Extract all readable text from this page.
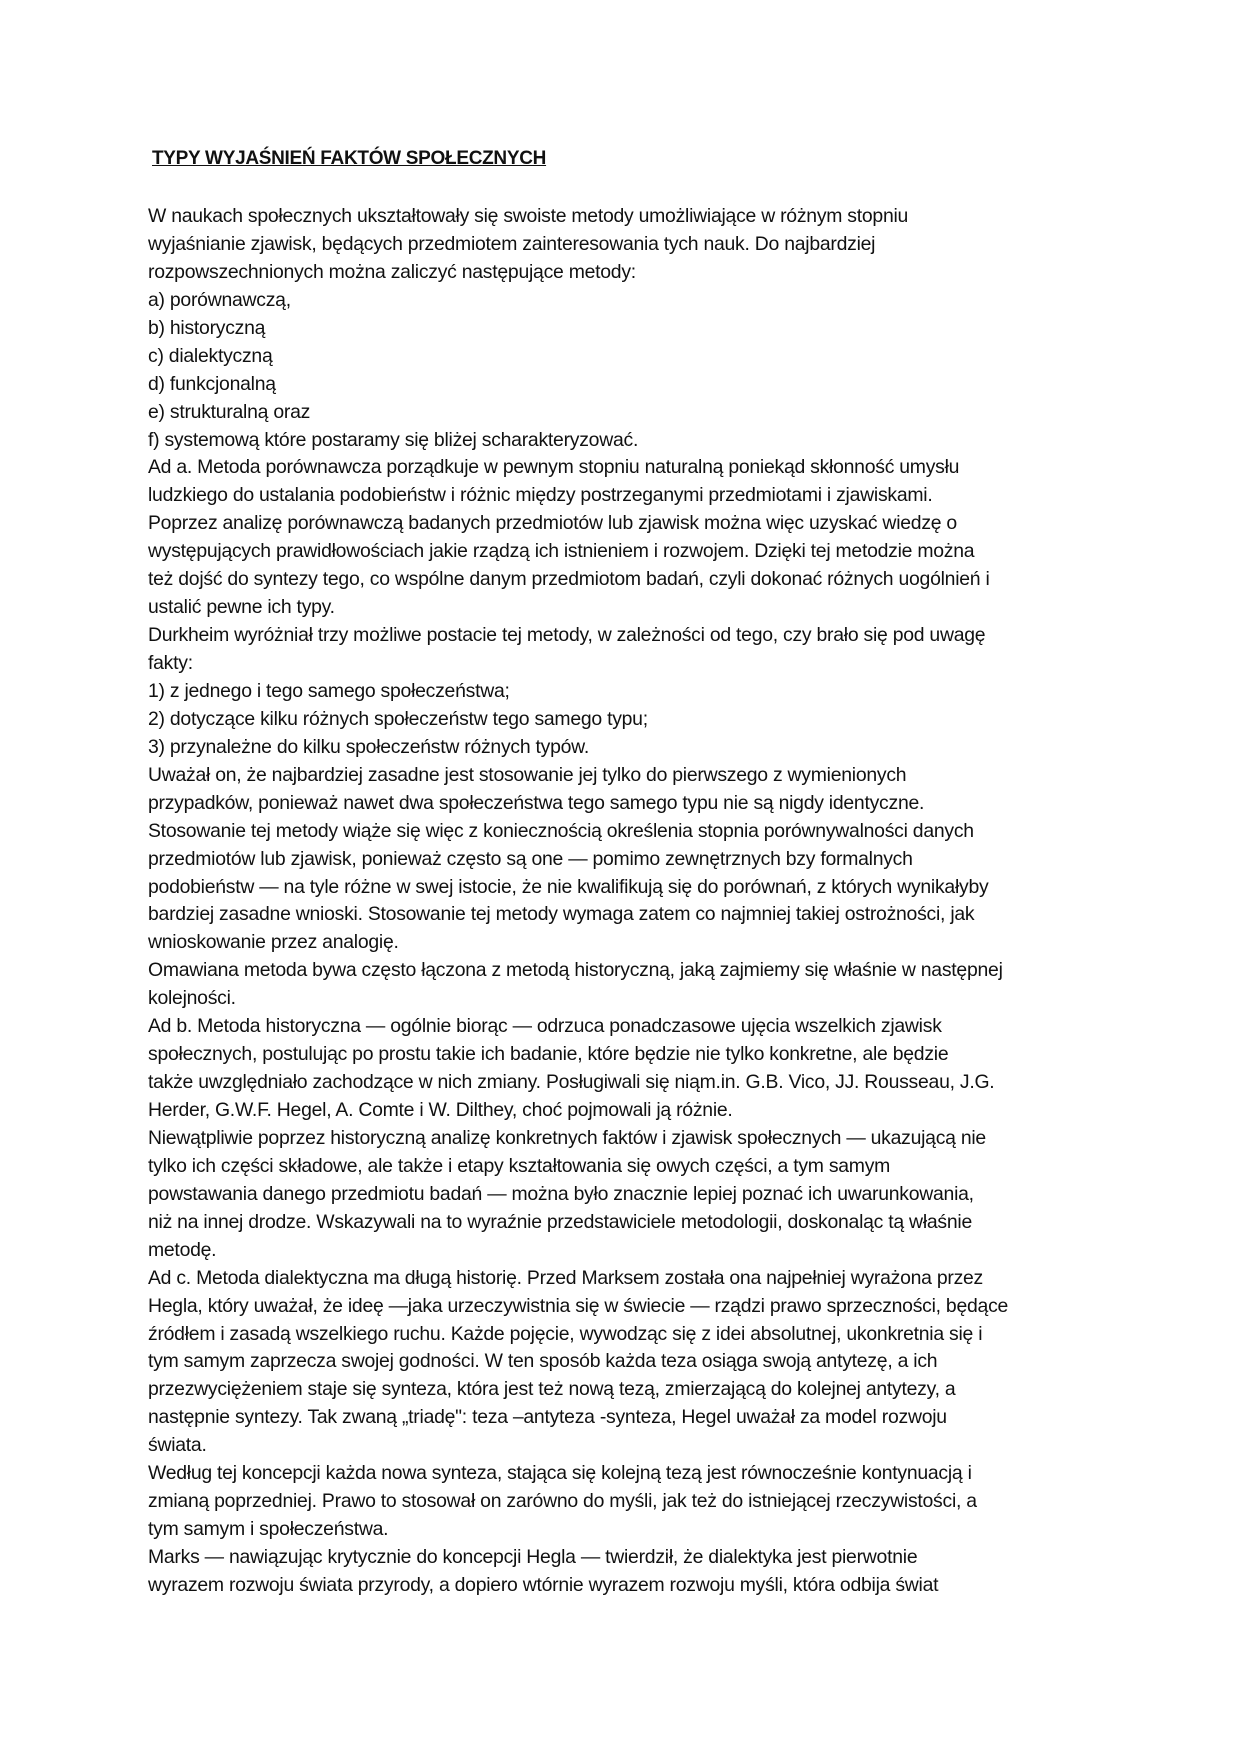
TYPY WYJAŚNIEŃ FAKTÓW SPOŁECZNYCH
W naukach społecznych ukształtowały się swoiste metody umożliwiające w różnym stopniu
wyjaśnianie zjawisk, będących przedmiotem zainteresowania tych nauk. Do najbardziej
rozpowszechnionych można zaliczyć następujące metody:
a) porównawczą,
b) historyczną
c) dialektyczną
d) funkcjonalną
e) strukturalną oraz
f) systemową które postaramy się bliżej scharakteryzować.
Ad a. Metoda porównawcza porządkuje w pewnym stopniu naturalną poniekąd skłonność umysłu
ludzkiego do ustalania podobieństw i różnic między postrzeganymi przedmiotami i zjawiskami.
Poprzez analizę porównawczą badanych przedmiotów lub zjawisk można więc uzyskać wiedzę o
występujących prawidłowościach jakie rządzą ich istnieniem i rozwojem. Dzięki tej metodzie można
też dojść do syntezy tego, co wspólne danym przedmiotom badań, czyli dokonać różnych uogólnień i
ustalić pewne ich typy.
Durkheim wyróżniał trzy możliwe postacie tej metody, w zależności od tego, czy brało się pod uwagę
fakty:
1) z jednego i tego samego społeczeństwa;
2) dotyczące kilku różnych społeczeństw tego samego typu;
3) przynależne do kilku społeczeństw różnych typów.
Uważał on, że najbardziej zasadne jest stosowanie jej tylko do pierwszego z wymienionych
przypadków, ponieważ nawet dwa społeczeństwa tego samego typu nie są nigdy identyczne.
Stosowanie tej metody wiąże się więc z koniecznością określenia stopnia porównywalności danych
przedmiotów lub zjawisk, ponieważ często są one — pomimo zewnętrznych bzy formalnych
podobieństw — na tyle różne w swej istocie, że nie kwalifikują się do porównań, z których wynikałyby
bardziej zasadne wnioski. Stosowanie tej metody wymaga zatem co najmniej takiej ostrożności, jak
wnioskowanie przez analogię.
Omawiana metoda bywa często łączona z metodą historyczną, jaką zajmiemy się właśnie w następnej
kolejności.
Ad b. Metoda historyczna — ogólnie biorąc — odrzuca ponadczasowe ujęcia wszelkich zjawisk
społecznych, postulując po prostu takie ich badanie, które będzie nie tylko konkretne, ale będzie
także uwzględniało zachodzące w nich zmiany. Posługiwali się niąm.in. G.B. Vico, JJ. Rousseau, J.G.
Herder, G.W.F. Hegel, A. Comte i W. Dilthey, choć pojmowali ją różnie.
Niewątpliwie poprzez historyczną analizę konkretnych faktów i zjawisk społecznych — ukazującą nie
tylko ich części składowe, ale także i etapy kształtowania się owych części, a tym samym
powstawania danego przedmiotu badań — można było znacznie lepiej poznać ich uwarunkowania,
niż na innej drodze. Wskazywali na to wyraźnie przedstawiciele metodologii, doskonaląc tą właśnie
metodę.
Ad c. Metoda dialektyczna ma długą historię. Przed Marksem została ona najpełniej wyrażona przez
Hegla, który uważał, że ideę —jaka urzeczywistnia się w świecie — rządzi prawo sprzeczności, będące
źródłem i zasadą wszelkiego ruchu. Każde pojęcie, wywodząc się z idei absolutnej, ukonkretnia się i
tym samym zaprzecza swojej godności. W ten sposób każda teza osiąga swoją antytezę, a ich
przezwyciężeniem staje się synteza, która jest też nową tezą, zmierzającą do kolejnej antytezy, a
następnie syntezy. Tak zwaną „triadę": teza –antyteza -synteza, Hegel uważał za model rozwoju
świata.
Według tej koncepcji każda nowa synteza, stająca się kolejną tezą jest równocześnie kontynuacją i
zmianą poprzedniej. Prawo to stosował on zarówno do myśli, jak też do istniejącej rzeczywistości, a
tym samym i społeczeństwa.
Marks — nawiązując krytycznie do koncepcji Hegla — twierdził, że dialektyka jest pierwotnie
wyrazem rozwoju świata przyrody, a dopiero wtórnie wyrazem rozwoju myśli, która odbija świat
